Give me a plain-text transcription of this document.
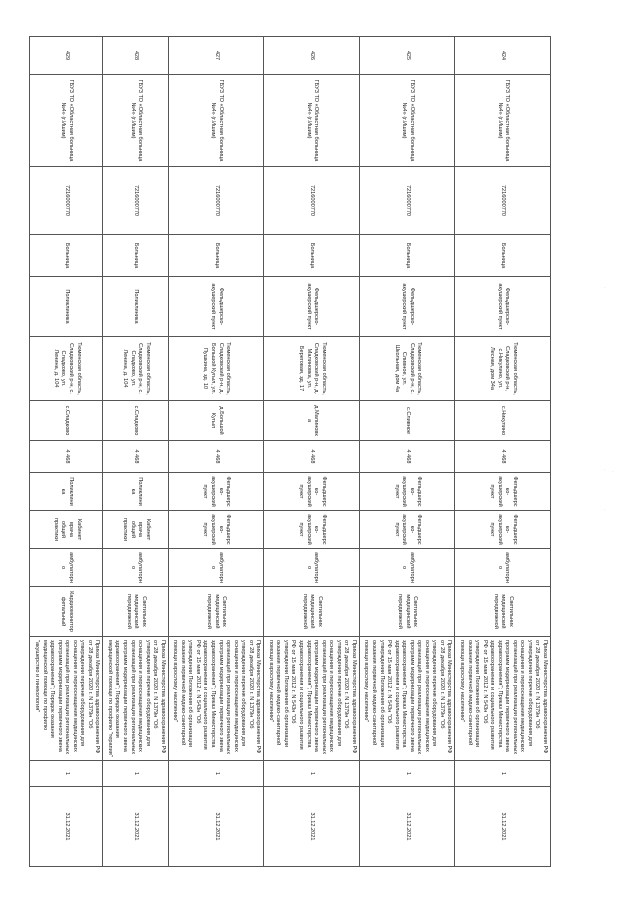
424	ГБУЗ ТО «Областная больница №4» (г.Ишим)	7216000770	Больница	Фельдшерско-акушерский пункт	Тюменская область, Сладковский р-н, с.Никулино, ул. Лесная, дом 34а	с.Никулино	4 468	Фельдшерско-акушерский пункт	Фельдшерско-акушерский пункт	амбулаторно	Светильник медицинский передвижной	Приказ Министерства здравоохранения РФ от 28 декабря 2020 г. N 1379н "Об утверждении перечня оборудования для оснащения и переоснащения медицинских организаций при реализации региональных программ модернизации первичного звена здравоохранения"; Приказ Министерства здравоохранения и социального развития РФ от 15 мая 2012 г. N 543н "Об утверждении Положения об организации оказания первичной медико-санитарной помощи взрослому населению"	1	31.12.2021
425	ГБУЗ ТО «Областная больница №4» (г.Ишим)	7216000770	Больница	Фельдшерско-акушерский пункт	Тюменская область, Сладковский р-н, с. Сливное, ул. Школьная, дом 4а	с.Сливное	4 468	Фельдшерско-акушерский пункт	Фельдшерско-акушерский пункт	амбулаторно	Светильник медицинский передвижной	Приказ Министерства здравоохранения РФ от 28 декабря 2020 г. N 1379н "Об утверждении перечня оборудования для оснащения и переоснащения медицинских организаций при реализации региональных программ модернизации первичного звена здравоохранения"; Приказ Министерства здравоохранения и социального развития РФ от 15 мая 2012 г. N 543н "Об утверждении Положения об организации оказания первичной медико-санитарной помощи взрослому населению"	1	31.12.2021
426	ГБУЗ ТО «Областная больница №4» (г.Ишим)	7216000770	Больница	Фельдшерско-акушерский пункт	Тюменская область, Сладковский р-н, д. Малиновка, ул. Береговая, зд. 17	д.Малиновка	4 468	Фельдшерско-акушерский пункт	Фельдшерско-акушерский пункт	амбулаторно	Светильник медицинский передвижной	Приказ Министерства здравоохранения РФ от 28 декабря 2020 г. N 1379н "Об утверждении перечня оборудования для оснащения и переоснащения медицинских организаций при реализации региональных программ модернизации первичного звена здравоохранения"; Приказ Министерства здравоохранения и социального развития РФ от 15 мая 2012 г. N 543н "Об утверждении Положения об организации оказания первичной медико-санитарной помощи взрослому населению"	1	31.12.2021
427	ГБУЗ ТО «Областная больница №4» (г.Ишим)	7216000770	Больница	Фельдшерско-акушерский пункт	Тюменская область, Сладковский р-н, д. Большой Кугыл, ул. Пушкина, зд. 10	д.Большой Кугыл	4 468	Фельдшерско-акушерский пункт	Фельдшерско-акушерский пункт	амбулаторно	Светильник медицинский передвижной	Приказ Министерства здравоохранения РФ от 28 декабря 2020 г. N 1379н "Об утверждении перечня оборудования для оснащения и переоснащения медицинских организаций при реализации региональных программ модернизации первичного звена здравоохранения"; Приказ Министерства здравоохранения и социального развития РФ от 15 мая 2012 г. N 543н "Об утверждении Положения об организации оказания первичной медико-санитарной помощи взрослому населению"	1	31.12.2021
428	ГБУЗ ТО «Областная больница №4» (г.Ишим)	7216000770	Больница	Поликлиника	Тюменская область, Сладковский р-н, с. Сладково, ул. Ленина, д. 104	с.Сладково	4 468	Поликлиника	Кабинет врача общей практики	амбулаторно	Светильник медицинский передвижной	Приказ Министерства здравоохранения РФ от 28 декабря 2020 г. N 1379н "Об утверждении перечня оборудования для оснащения и переоснащения медицинских организаций при реализации региональных программ модернизации первичного звена здравоохранения"; Порядок оказания медицинской помощи по профилю "терапия"	1	31.12.2021
429	ГБУЗ ТО «Областная больница №4» (г.Ишим)	7216000770	Больница	Поликлиника	Тюменская область, Сладковский р-н, с. Сладково, ул. Ленина, д. 104	с.Сладково	4 468	Поликлиника	Кабинет врача общей практики	амбулаторно	Кардиомонитор фетальный	Приказ Министерства здравоохранения РФ от 28 декабря 2020 г. N 1379н "Об утверждении перечня оборудования для оснащения и переоснащения медицинских организаций при реализации региональных программ модернизации первичного звена здравоохранения"; Порядок оказания медицинской помощи по профилю "акушерство и гинекология"	1	31.12.2021
·
· ·
·
